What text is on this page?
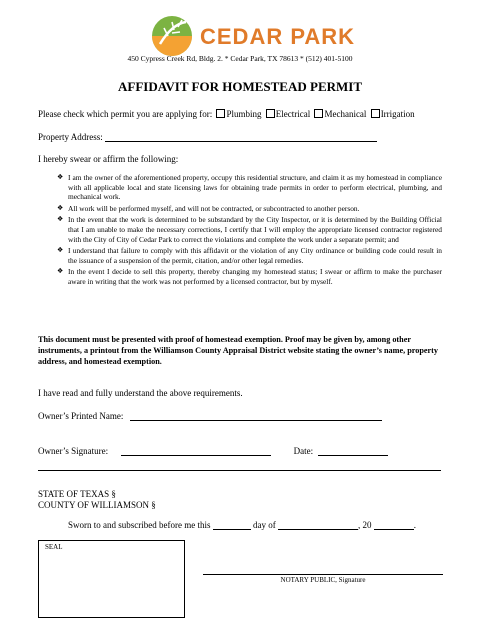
CEDAR PARK
450 Cypress Creek Rd, Bldg. 2. * Cedar Park, TX 78613 * (512) 401-5100
AFFIDAVIT FOR HOMESTEAD PERMIT
Please check which permit you are applying for: Plumbing Electrical Mechanical Irrigation
Property Address:
I hereby swear or affirm the following:
❖ I am the owner of the aforementioned property, occupy this residential structure, and claim it as my homestead in compliance with all applicable local and state licensing laws for obtaining trade permits in order to perform electrical, plumbing, and mechanical work.
❖ All work will be performed myself, and will not be contracted, or subcontracted to another person.
❖ In the event that the work is determined to be substandard by the City Inspector, or it is determined by the Building Official that I am unable to make the necessary corrections, I certify that I will employ the appropriate licensed contractor registered with the City of City of Cedar Park to correct the violations and complete the work under a separate permit; and
❖ I understand that failure to comply with this affidavit or the violation of any City ordinance or building code could result in the issuance of a suspension of the permit, citation, and/or other legal remedies.
❖ In the event I decide to sell this property, thereby changing my homestead status; I swear or affirm to make the purchaser aware in writing that the work was not performed by a licensed contractor, but by myself.
This document must be presented with proof of homestead exemption. Proof may be given by, among other instruments, a printout from the Williamson County Appraisal District website stating the owner’s name, property address, and homestead exemption.
I have read and fully understand the above requirements.
Owner’s Printed Name:
Owner’s Signature:	Date:
STATE OF TEXAS §
COUNTY OF WILLIAMSON §
Sworn to and subscribed before me this	day of	, 20	.
SEAL
NOTARY PUBLIC, Signature
